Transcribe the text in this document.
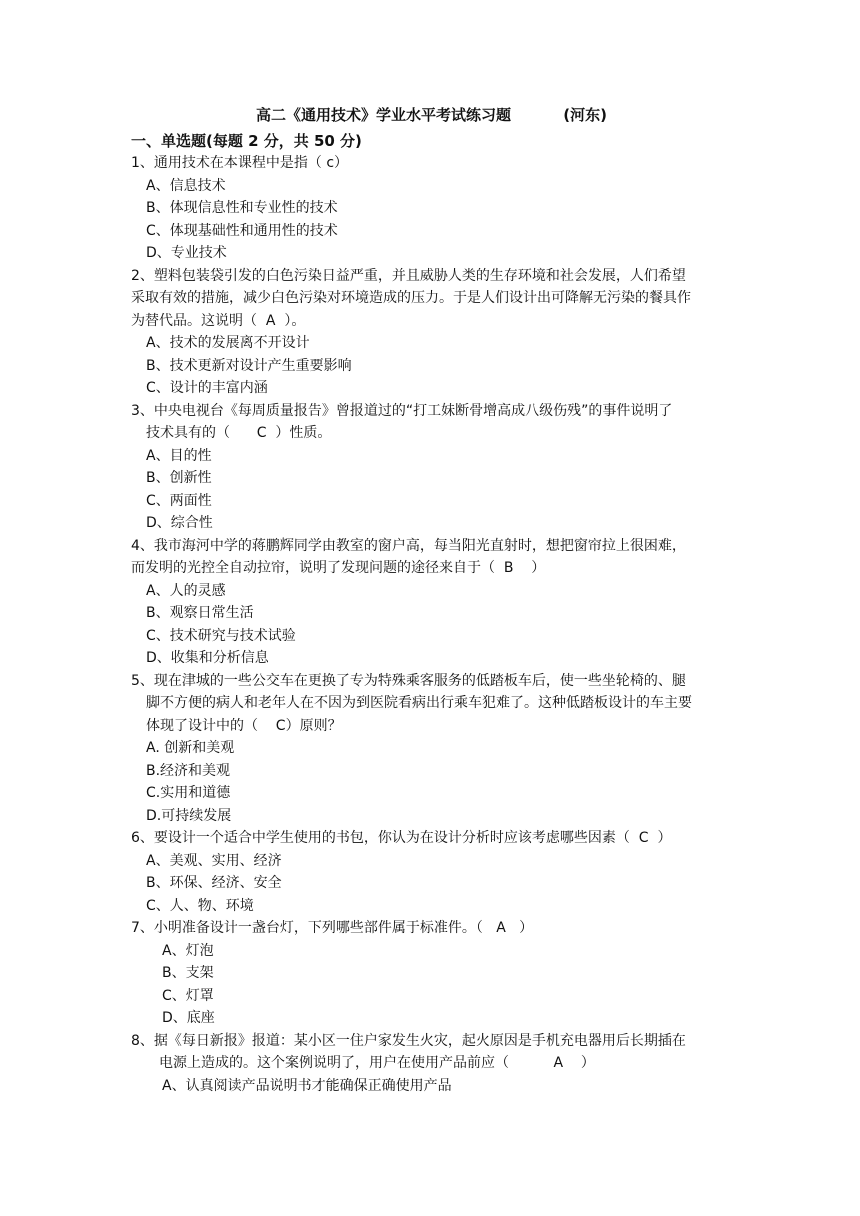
高二《通用技术》学业水平考试练习题          (河东)
一、单选题(每题 2 分，共 50 分)
1、通用技术在本课程中是指（ c）
A、信息技术
B、体现信息性和专业性的技术
C、体现基础性和通用性的技术
D、专业技术
2、塑料包装袋引发的白色污染日益严重，并且威胁人类的生存环境和社会发展，人们希望
采取有效的措施，减少白色污染对环境造成的压力。于是人们设计出可降解无污染的餐具作
为替代品。这说明（  A  ）。
A、技术的发展离不开设计
B、技术更新对设计产生重要影响
C、设计的丰富内涵
3、中央电视台《每周质量报告》曾报道过的“打工妹断骨增高成八级伤残”的事件说明了
技术具有的（      C  ）性质。
A、目的性
B、创新性
C、两面性
D、综合性
4、我市海河中学的蒋鹏辉同学由教室的窗户高，每当阳光直射时，想把窗帘拉上很困难，
而发明的光控全自动拉帘，说明了发现问题的途径来自于（  B    ）
A、人的灵感
B、观察日常生活
C、技术研究与技术试验
D、收集和分析信息
5、现在津城的一些公交车在更换了专为特殊乘客服务的低踏板车后，使一些坐轮椅的、腿
脚不方便的病人和老年人在不因为到医院看病出行乘车犯难了。这种低踏板设计的车主要
体现了设计中的（    C）原则？
A. 创新和美观
B.经济和美观
C.实用和道德
D.可持续发展
6、要设计一个适合中学生使用的书包，你认为在设计分析时应该考虑哪些因素（  C  ）
A、美观、实用、经济
B、环保、经济、安全
C、人、物、环境
7、小明准备设计一盏台灯，下列哪些部件属于标准件。（   A   ）
A、灯泡
B、支架
C、灯罩
D、底座
8、据《每日新报》报道：某小区一住户家发生火灾，起火原因是手机充电器用后长期插在
电源上造成的。这个案例说明了，用户在使用产品前应（          A    ）
A、认真阅读产品说明书才能确保正确使用产品
